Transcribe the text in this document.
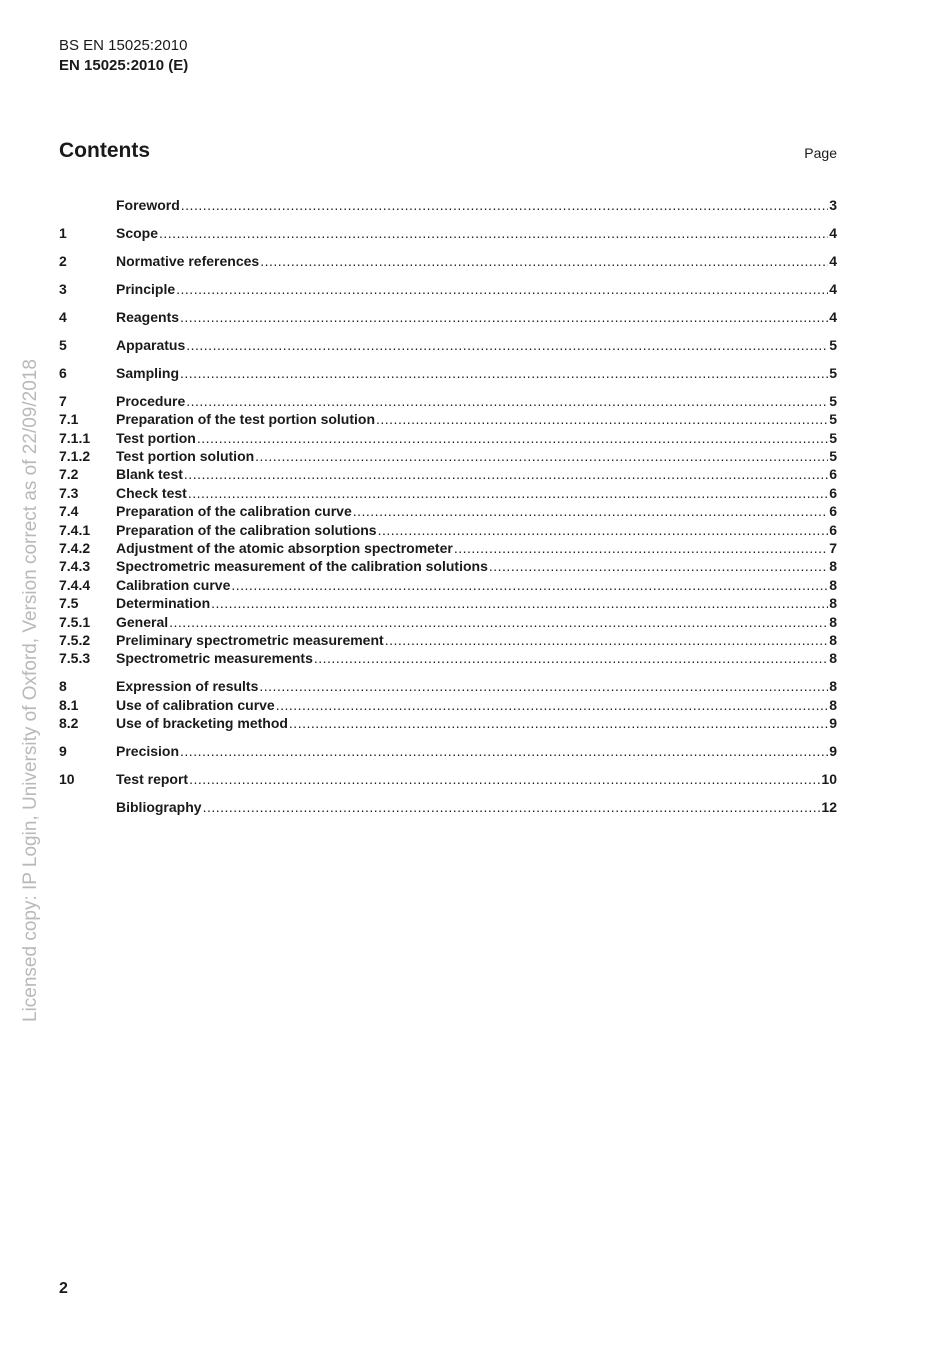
BS EN 15025:2010
EN 15025:2010 (E)
Contents	Page
Foreword .....	3
1	Scope .....	4
2	Normative references .....	4
3	Principle .....	4
4	Reagents .....	4
5	Apparatus .....	5
6	Sampling .....	5
7	Procedure .....	5
7.1	Preparation of the test portion solution .....	5
7.1.1	Test portion .....	5
7.1.2	Test portion solution .....	5
7.2	Blank test .....	6
7.3	Check test .....	6
7.4	Preparation of the calibration curve .....	6
7.4.1	Preparation of the calibration solutions .....	6
7.4.2	Adjustment of the atomic absorption spectrometer .....	7
7.4.3	Spectrometric measurement of the calibration solutions .....	8
7.4.4	Calibration curve .....	8
7.5	Determination .....	8
7.5.1	General .....	8
7.5.2	Preliminary spectrometric measurement .....	8
7.5.3	Spectrometric measurements .....	8
8	Expression of results .....	8
8.1	Use of calibration curve .....	8
8.2	Use of bracketing method .....	9
9	Precision .....	9
10	Test report .....	10
Bibliography .....	12
2
Licensed copy: IP Login, University of Oxford, Version correct as of 22/09/2018
